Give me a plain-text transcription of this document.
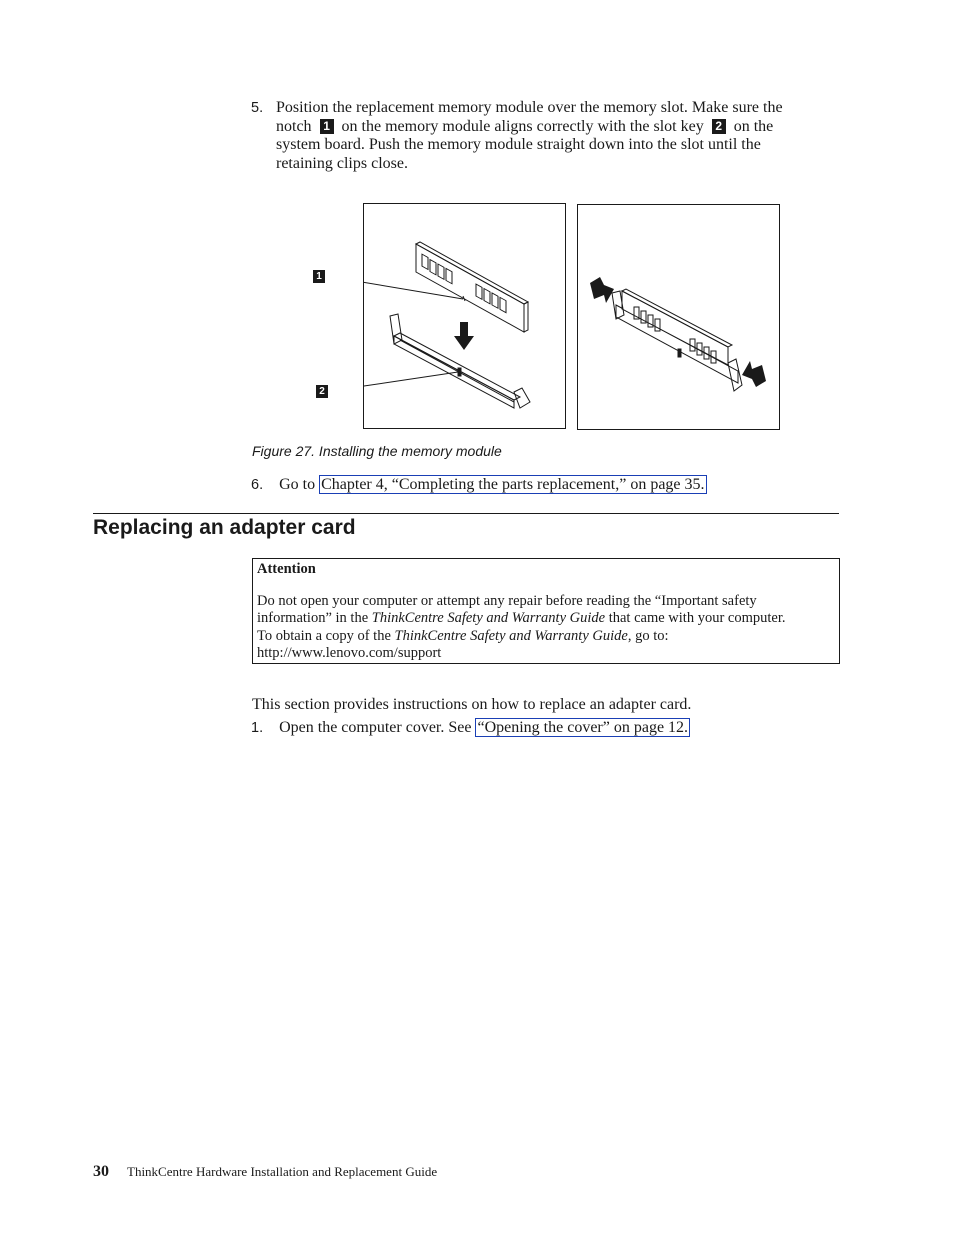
5. Position the replacement memory module over the memory slot. Make sure the
notch 1 on the memory module aligns correctly with the slot key 2 on the
system board. Push the memory module straight down into the slot until the
retaining clips close.
1
2
Figure 27. Installing the memory module
6. Go to Chapter 4, “Completing the parts replacement,” on page 35.
Replacing an adapter card
Attention
Do not open your computer or attempt any repair before reading the “Important safety
information” in the ThinkCentre Safety and Warranty Guide that came with your computer.
To obtain a copy of the ThinkCentre Safety and Warranty Guide, go to:
http://www.lenovo.com/support
This section provides instructions on how to replace an adapter card.
1. Open the computer cover. See “Opening the cover” on page 12.
30 ThinkCentre Hardware Installation and Replacement Guide
